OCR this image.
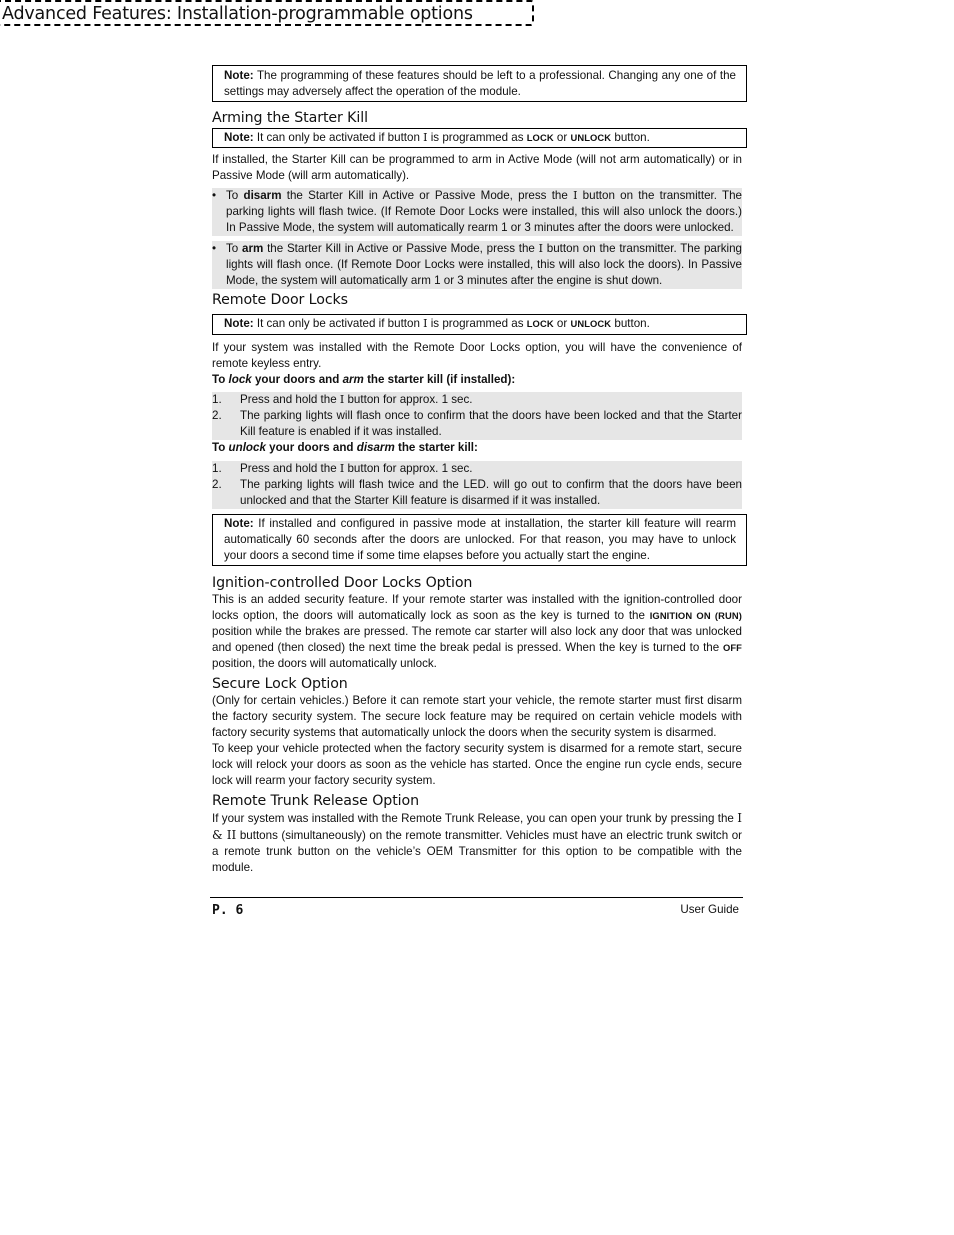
Advanced Features: Installation-programmable options
Note: The programming of these features should be left to a professional. Changing any one of the settings may adversely affect the operation of the module.
Arming the Starter Kill
Note: It can only be activated if button I is programmed as LOCK or UNLOCK button.
If installed, the Starter Kill can be programmed to arm in Active Mode (will not arm automatically) or in Passive Mode (will arm automatically).
• To disarm the Starter Kill in Active or Passive Mode, press the I button on the transmitter. The parking lights will flash twice. (If Remote Door Locks were installed, this will also unlock the doors.) In Passive Mode, the system will automatically rearm 1 or 3 minutes after the doors were unlocked.
• To arm the Starter Kill in Active or Passive Mode, press the I button on the transmitter. The parking lights will flash once. (If Remote Door Locks were installed, this will also lock the doors). In Passive Mode, the system will automatically arm 1 or 3 minutes after the engine is shut down.
Remote Door Locks
Note: It can only be activated if button I is programmed as LOCK or UNLOCK button.
If your system was installed with the Remote Door Locks option, you will have the convenience of remote keyless entry.
To lock your doors and arm the starter kill (if installed):
1.	Press and hold the I button for approx. 1 sec.
2.	The parking lights will flash once to confirm that the doors have been locked and that the Starter Kill feature is enabled if it was installed.
To unlock your doors and disarm the starter kill:
1.	Press and hold the I button for approx. 1 sec.
2.	The parking lights will flash twice and the LED. will go out to confirm that the doors have been unlocked and that the Starter Kill feature is disarmed if it was installed.
Note: If installed and configured in passive mode at installation, the starter kill feature will rearm automatically 60 seconds after the doors are unlocked. For that reason, you may have to unlock your doors a second time if some time elapses before you actually start the engine.
Ignition-controlled Door Locks Option
This is an added security feature. If your remote starter was installed with the ignition-controlled door locks option, the doors will automatically lock as soon as the key is turned to the IGNITION ON (RUN) position while the brakes are pressed. The remote car starter will also lock any door that was unlocked and opened (then closed) the next time the break pedal is pressed. When the key is turned to the OFF position, the doors will automatically unlock.
Secure Lock Option
(Only for certain vehicles.) Before it can remote start your vehicle, the remote starter must first disarm the factory security system. The secure lock feature may be required on certain vehicle models with factory security systems that automatically unlock the doors when the security system is disarmed.
To keep your vehicle protected when the factory security system is disarmed for a remote start, secure lock will relock your doors as soon as the vehicle has started. Once the engine run cycle ends, secure lock will rearm your factory security system.
Remote Trunk Release Option
If your system was installed with the Remote Trunk Release, you can open your trunk by pressing the I & II buttons (simultaneously) on the remote transmitter. Vehicles must have an electric trunk switch or a remote trunk button on the vehicle’s OEM Transmitter for this option to be compatible with the module.
P. 6	User Guide
